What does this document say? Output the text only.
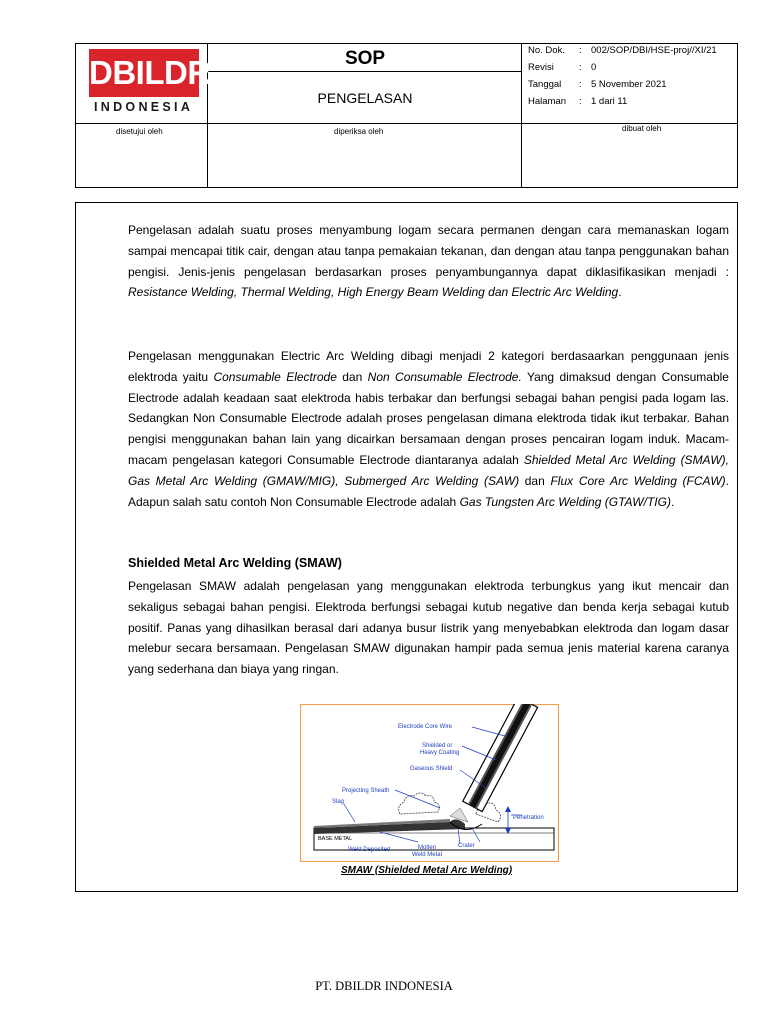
DBILDR
INDONESIA
SOP
PENGELASAN
No. Dok.	: 002/SOP/DBI/HSE-proj//XI/21
Revisi	: 0
Tanggal	: 5 November 2021
Halaman	: 1 dari 11
disetujui oleh	diperiksa oleh	dibuat oleh

Pengelasan adalah suatu proses menyambung logam secara permanen dengan cara memanaskan logam sampai mencapai titik cair, dengan atau tanpa pemakaian tekanan, dan dengan atau tanpa penggunakan bahan pengisi. Jenis-jenis pengelasan berdasarkan proses penyambungannya dapat diklasifikasikan menjadi : Resistance Welding, Thermal Welding, High Energy Beam Welding dan Electric Arc Welding.

Pengelasan menggunakan Electric Arc Welding dibagi menjadi 2 kategori berdasaarkan penggunaan jenis elektroda yaitu Consumable Electrode dan Non Consumable Electrode. Yang dimaksud dengan Consumable Electrode adalah keadaan saat elektroda habis terbakar dan berfungsi sebagai bahan pengisi pada logam las. Sedangkan Non Consumable Electrode adalah proses pengelasan dimana elektroda tidak ikut terbakar. Bahan pengisi menggunakan bahan lain yang dicairkan bersamaan dengan proses pencairan logam induk. Macam-macam pengelasan kategori Consumable Electrode diantaranya adalah Shielded Metal Arc Welding (SMAW), Gas Metal Arc Welding (GMAW/MIG), Submerged Arc Welding (SAW) dan Flux Core Arc Welding (FCAW). Adapun salah satu contoh Non Consumable Electrode adalah Gas Tungsten Arc Welding (GTAW/TIG).

Shielded Metal Arc Welding (SMAW)

Pengelasan SMAW adalah pengelasan yang menggunakan elektroda terbungkus yang ikut mencair dan sekaligus sebagai bahan pengisi. Elektroda berfungsi sebagai kutub negative dan benda kerja sebagai kutub positif. Panas yang dihasilkan berasal dari adanya busur listrik yang menyebabkan elektroda dan logam dasar melebur secara bersamaan. Pengelasan SMAW digunakan hampir pada semua jenis material karena caranya yang sederhana dan biaya yang ringan.

Electrode Core Wire
Shielded or
Heavy Coating
Gaseous Shield
Projecting Sheath
Slag
Penetration
Weld Deposited	Molten
Weld Metal
Crater
BASE METAL
SMAW (Shielded Metal Arc Welding)
PT. DBILDR INDONESIA
